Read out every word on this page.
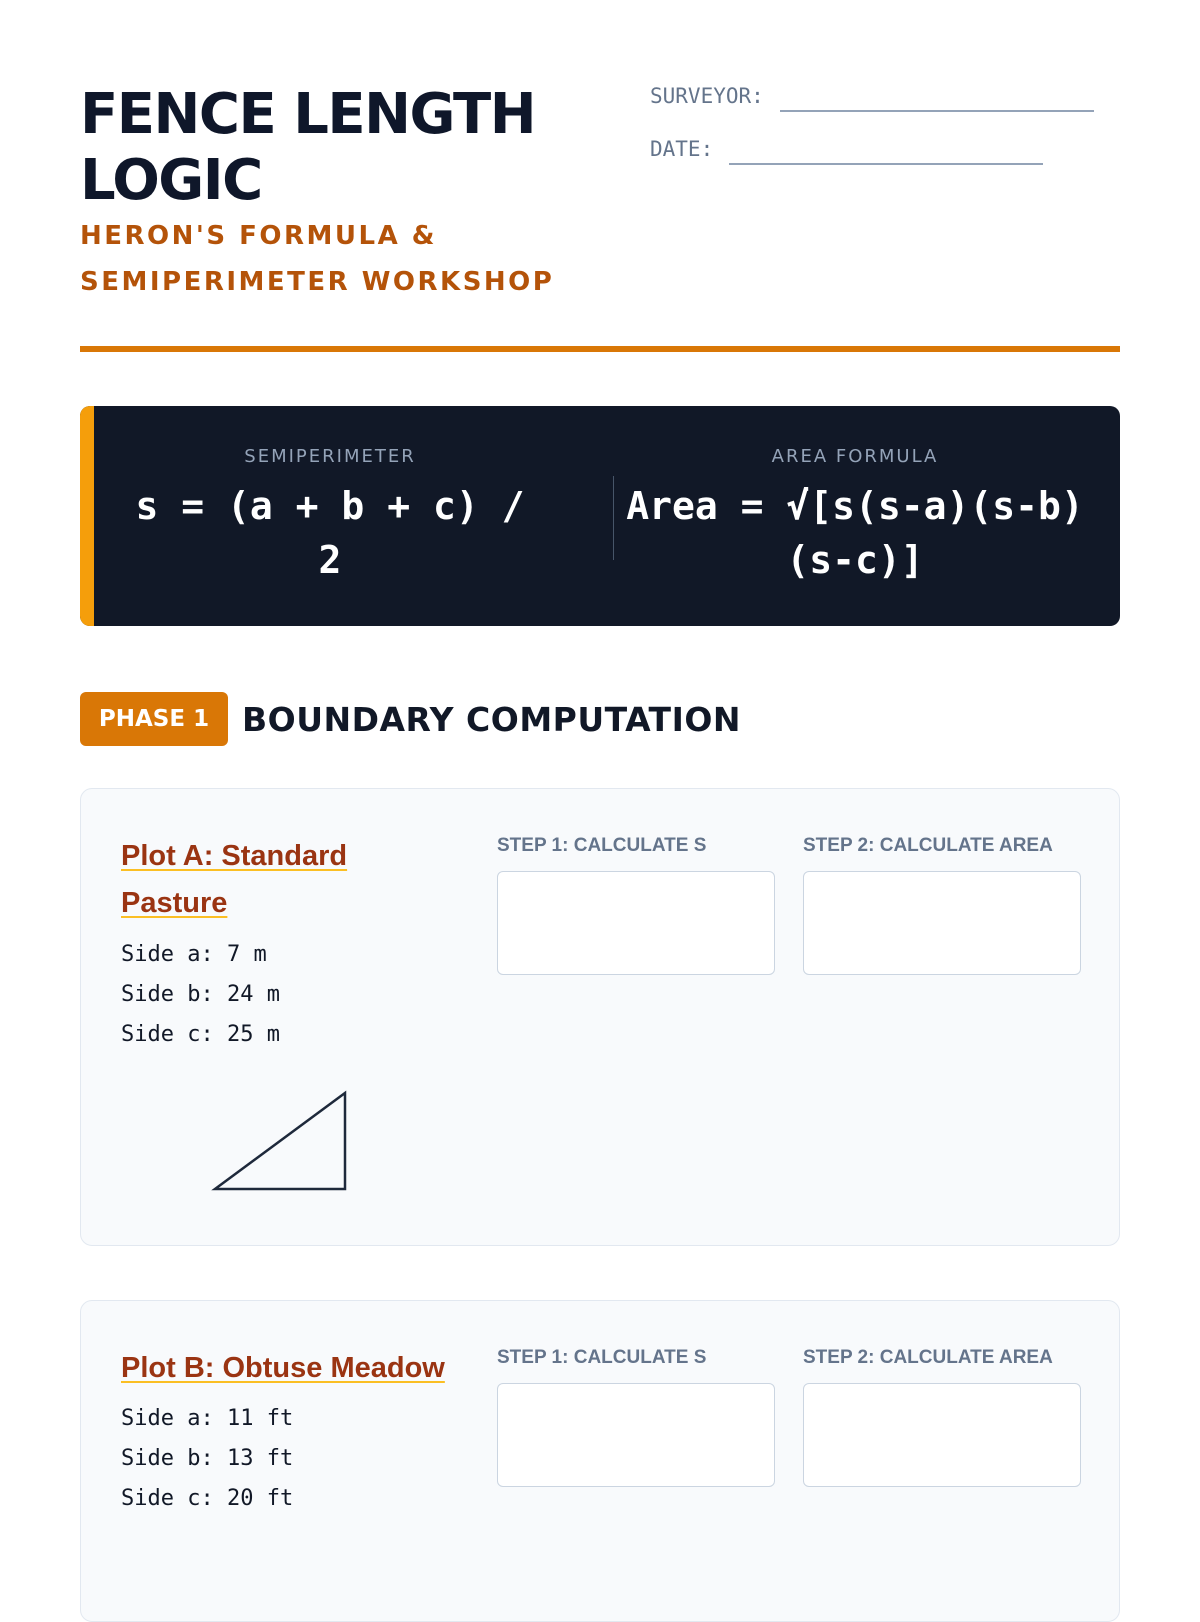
FENCE LENGTH LOGIC
HERON'S FORMULA & SEMIPERIMETER WORKSHOP
SURVEYOR:
DATE:
SEMIPERIMETER
s = (a + b + c) / 2
AREA FORMULA
Area = √[s(s-a)(s-b)(s-c)]
PHASE 1 BOUNDARY COMPUTATION
Plot A: Standard Pasture
Side a: 7 m
Side b: 24 m
Side c: 25 m
STEP 1: CALCULATE S	STEP 2: CALCULATE AREA
Plot B: Obtuse Meadow
Side a: 11 ft
Side b: 13 ft
Side c: 20 ft
STEP 1: CALCULATE S	STEP 2: CALCULATE AREA
